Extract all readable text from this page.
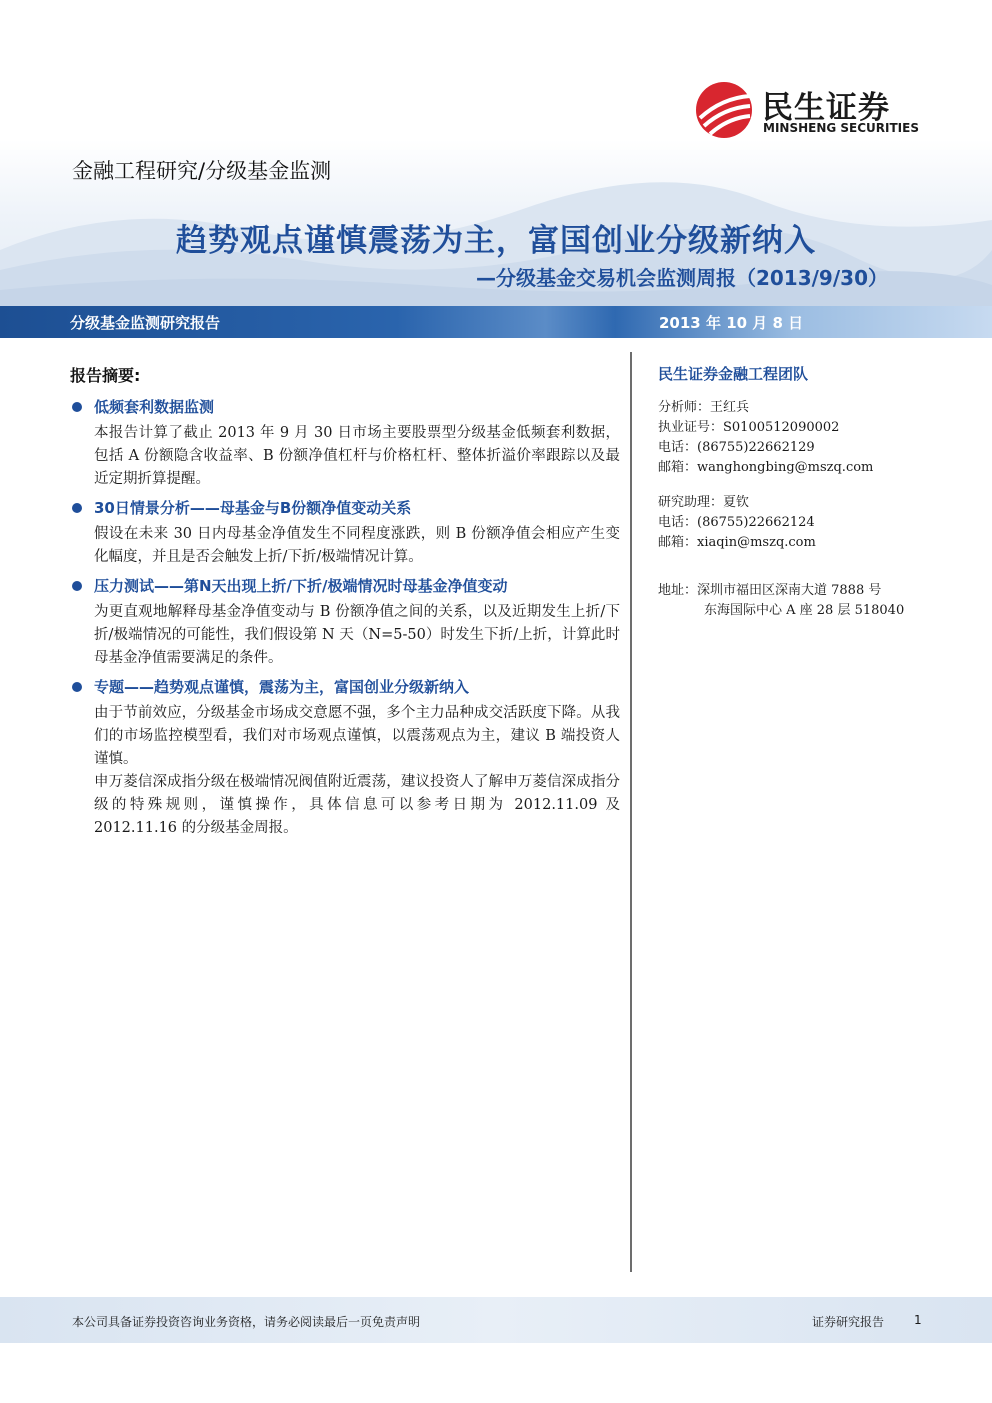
民生证券
MINSHENG SECURITIES
金融工程研究/分级基金监测
趋势观点谨慎震荡为主，富国创业分级新纳入
—分级基金交易机会监测周报（2013/9/30）
分级基金监测研究报告	2013 年 10 月 8 日
报告摘要:
低频套利数据监测

本报告计算了截止 2013 年 9 月 30 日市场主要股票型分级基金低频套利数据，包括 A 份额隐含收益率、B 份额净值杠杆与价格杠杆、整体折溢价率跟踪以及最近定期折算提醒。

30日情景分析——母基金与B份额净值变动关系

假设在未来 30 日内母基金净值发生不同程度涨跌，则 B 份额净值会相应产生变化幅度，并且是否会触发上折/下折/极端情况计算。

压力测试——第N天出现上折/下折/极端情况时母基金净值变动

为更直观地解释母基金净值变动与 B 份额净值之间的关系，以及近期发生上折/下折/极端情况的可能性，我们假设第 N 天（N=5-50）时发生下折/上折，计算此时母基金净值需要满足的条件。

专题——趋势观点谨慎，震荡为主，富国创业分级新纳入

由于节前效应，分级基金市场成交意愿不强，多个主力品种成交活跃度下降。从我们的市场监控模型看，我们对市场观点谨慎，以震荡观点为主，建议 B 端投资人谨慎。

申万菱信深成指分级在极端情况阀值附近震荡，建议投资人了解申万菱信深成指分级的特殊规则，谨慎操作，具体信息可以参考日期为 2012.11.09 及 2012.11.16 的分级基金周报。

民生证券金融工程团队
分析师：王红兵
执业证号：S0100512090002
电话：(86755)22662129
邮箱：wanghongbing@mszq.com
研究助理：夏钦
电话：(86755)22662124
邮箱：xiaqin@mszq.com
地址：深圳市福田区深南大道 7888 号
东海国际中心 A 座 28 层 518040
本公司具备证券投资咨询业务资格，请务必阅读最后一页免责声明	证券研究报告 1
